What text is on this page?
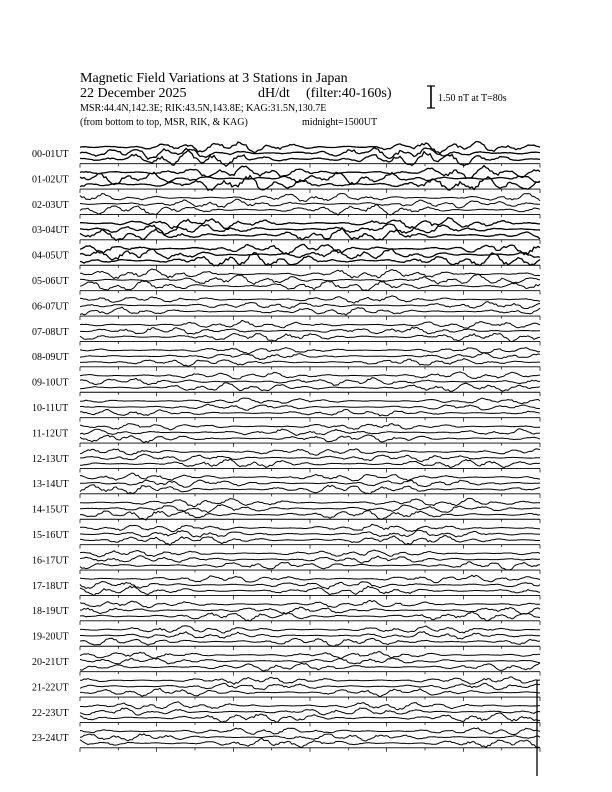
Magnetic Field Variations at 3 Stations in Japan
22 December 2025	dH/dt (filter:40-160s)
MSR:44.4N,142.3E; RIK:43.5N,143.8E; KAG:31.5N,130.7E
(from bottom to top, MSR, RIK, & KAG)	midnight=1500UT
1.50 nT at T=80s
00-01UT
01-02UT
02-03UT
03-04UT
04-05UT
05-06UT
06-07UT
07-08UT
08-09UT
09-10UT
10-11UT
11-12UT
12-13UT
13-14UT
14-15UT
15-16UT
16-17UT
17-18UT
18-19UT
19-20UT
20-21UT
21-22UT
22-23UT
23-24UT
